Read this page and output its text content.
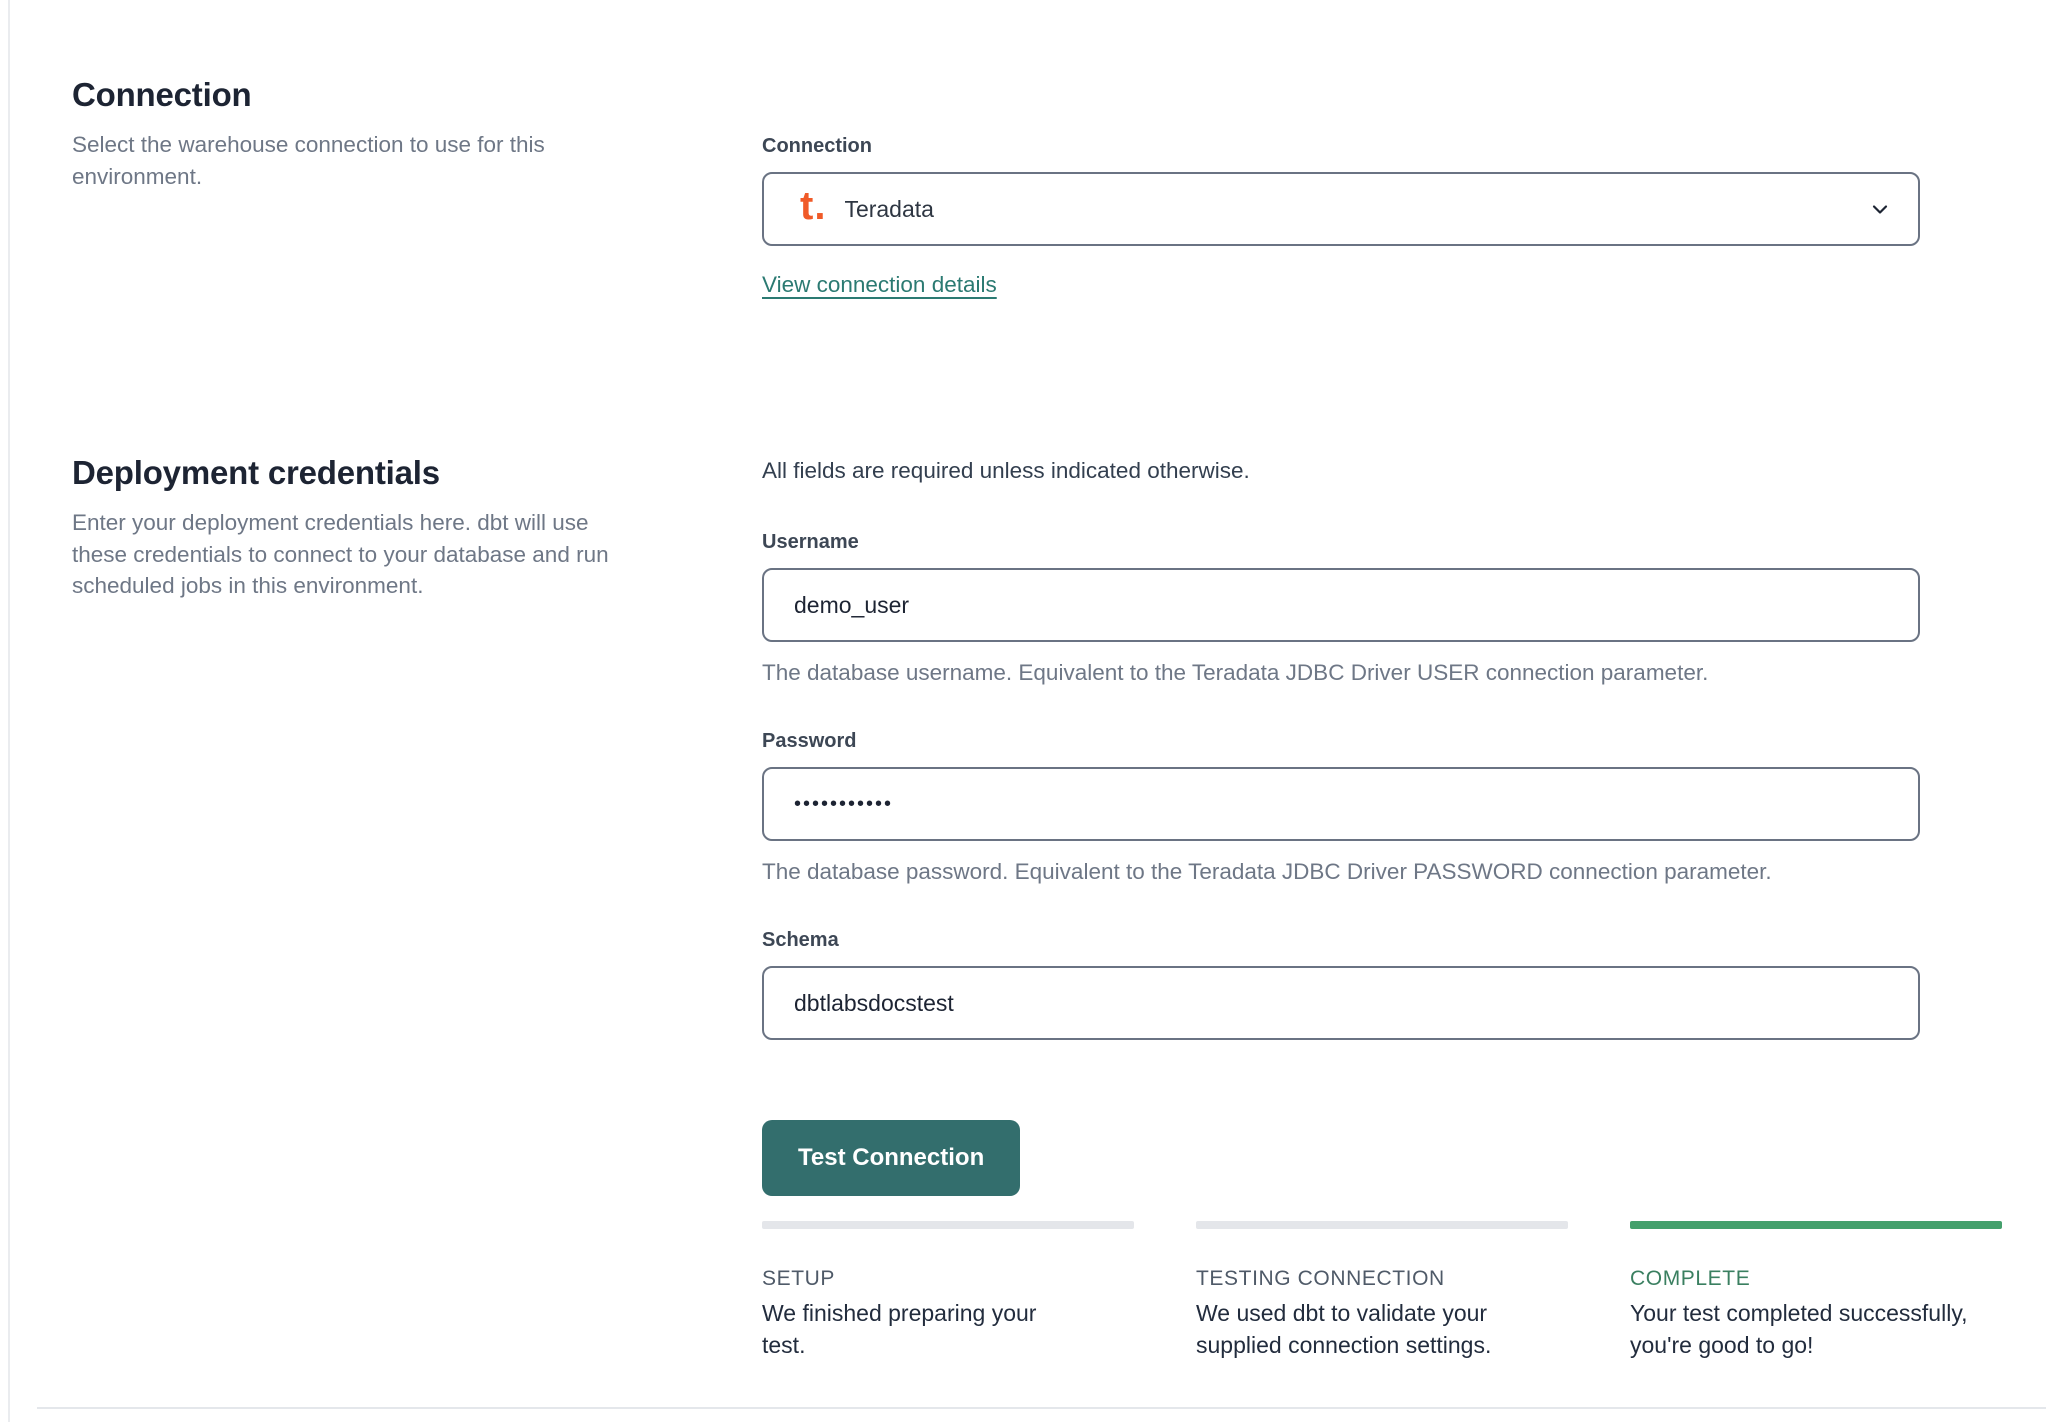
Connection

Select the warehouse connection to use for this environment.

Connection
t. Teradata
View connection details
Deployment credentials

Enter your deployment credentials here. dbt will use these credentials to connect to your database and run scheduled jobs in this environment.

All fields are required unless indicated otherwise.

Username
demo_user

The database username. Equivalent to the Teradata JDBC Driver USER connection parameter.

Password
•••••••••••

The database password. Equivalent to the Teradata JDBC Driver PASSWORD connection parameter.

Schema
dbtlabsdocstest
Test Connection
SETUP
We finished preparing your test.
TESTING CONNECTION
We used dbt to validate your supplied connection settings.
COMPLETE
Your test completed successfully, you're good to go!
